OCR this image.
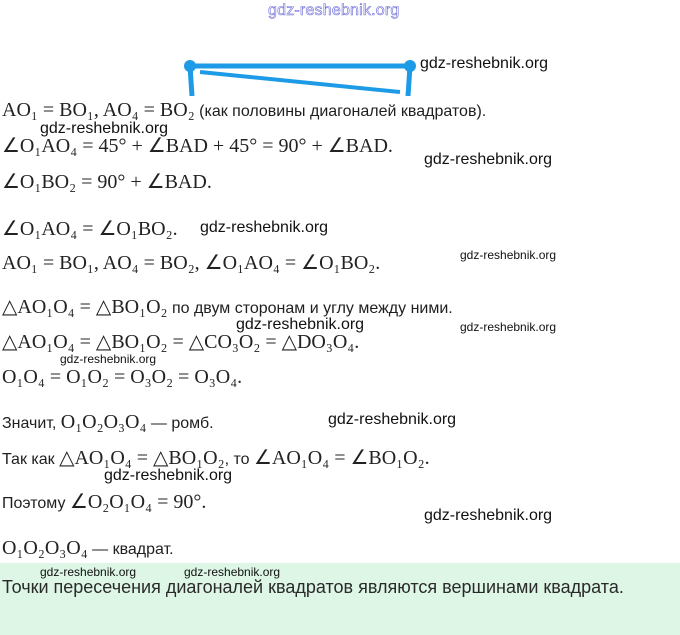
gdz-reshebnik.org
AO₁ = BO₁, AO₄ = BO₂ (как половины диагоналей квадратов).
∠O₁AO₄ = 45° + ∠BAD + 45° = 90° + ∠BAD.
∠O₁BO₂ = 90° + ∠BAD.
∠O₁AO₄ = ∠O₁BO₂.
AO₁ = BO₁, AO₄ = BO₂, ∠O₁AO₄ = ∠O₁BO₂.
△AO₁O₄ = △BO₁O₂ по двум сторонам и углу между ними.
△AO₁O₄ = △BO₁O₂ = △CO₃O₂ = △DO₃O₄.
O₁O₄ = O₁O₂ = O₃O₂ = O₃O₄.
Значит, O₁O₂O₃O₄ — ромб.
Так как △AO₁O₄ = △BO₁O₂, то ∠AO₁O₄ = ∠BO₁O₂.
Поэтому ∠O₂O₁O₄ = 90°.
O₁O₂O₃O₄ — квадрат.
Точки пересечения диагоналей квадратов являются вершинами квадрата.
gdz-reshebnik.org
gdz-reshebnik.org
gdz-reshebnik.org
gdz-reshebnik.org
gdz-reshebnik.org
gdz-reshebnik.org	gdz-reshebnik.org
gdz-reshebnik.org
gdz-reshebnik.org
gdz-reshebnik.org
gdz-reshebnik.org
gdz-reshebnik.org	gdz-reshebnik.org
